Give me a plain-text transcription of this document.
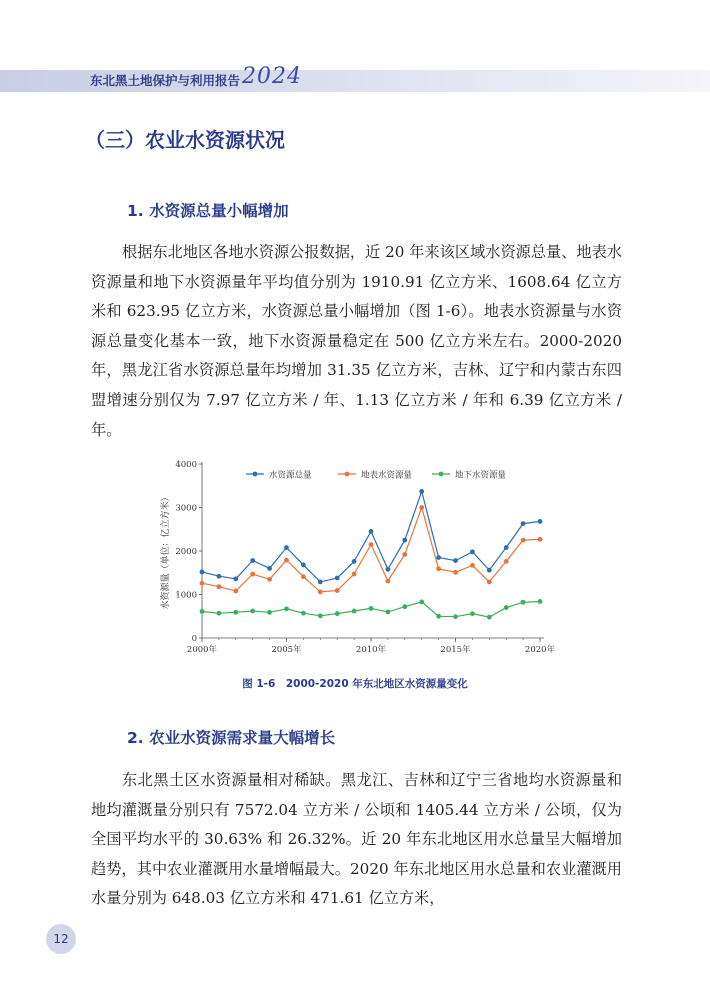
东北黑土地保护与利用报告 2024
（三）农业水资源状况
1. 水资源总量小幅增加

根据东北地区各地水资源公报数据，近 20 年来该区域水资源总量、地表水资源量和地下水资源量年平均值分别为 1910.91 亿立方米、1608.64 亿立方米和 623.95 亿立方米，水资源总量小幅增加（图 1-6）。地表水资源量与水资源总量变化基本一致，地下水资源量稳定在 500 亿立方米左右。2000-2020 年，黑龙江省水资源总量年均增加 31.35 亿立方米，吉林、辽宁和内蒙古东四盟增速分别仅为 7.97 亿立方米 / 年、1.13 亿立方米 / 年和 6.39 亿立方米 / 年。

0
1000
2000
3000
4000
2000年	2005年	2010年	2015年	2020年
水资源量（单位：亿立方米）
水资源总量	地表水资源量	地下水资源量
图 1-6　2000-2020 年东北地区水资源量变化
2. 农业水资源需求量大幅增长

东北黑土区水资源量相对稀缺。黑龙江、吉林和辽宁三省地均水资源量和地均灌溉量分别只有 7572.04 立方米 / 公顷和 1405.44 立方米 / 公顷，仅为全国平均水平的 30.63% 和 26.32%。近 20 年东北地区用水总量呈大幅增加趋势，其中农业灌溉用水量增幅最大。2020 年东北地区用水总量和农业灌溉用水量分别为 648.03 亿立方米和 471.61 亿立方米，

12
